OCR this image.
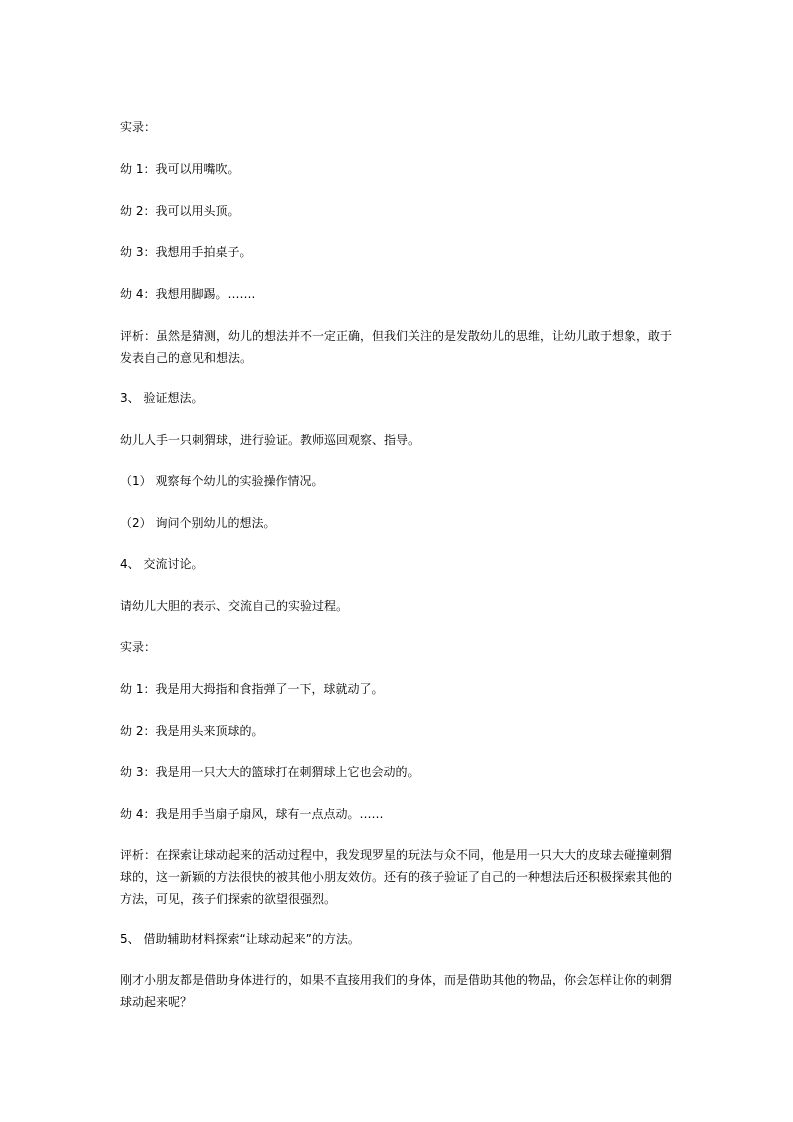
实录：

幼 1：我可以用嘴吹。

幼 2：我可以用头顶。

幼 3：我想用手拍桌子。

幼 4：我想用脚踢。…….

评析：虽然是猜测，幼儿的想法并不一定正确，但我们关注的是发散幼儿的思维，让幼儿敢于想象，敢于发表自己的意见和想法。

3、 验证想法。

幼儿人手一只刺猬球，进行验证。教师巡回观察、指导。

（1） 观察每个幼儿的实验操作情况。

（2） 询问个别幼儿的想法。

4、 交流讨论。

请幼儿大胆的表示、交流自己的实验过程。

实录：

幼 1：我是用大拇指和食指弹了一下，球就动了。

幼 2：我是用头来顶球的。

幼 3：我是用一只大大的篮球打在刺猬球上它也会动的。

幼 4：我是用手当扇子扇风，球有一点点动。……

评析：在探索让球动起来的活动过程中，我发现罗星的玩法与众不同，他是用一只大大的皮球去碰撞刺猬球的，这一新颖的方法很快的被其他小朋友效仿。还有的孩子验证了自己的一种想法后还积极探索其他的方法，可见，孩子们探索的欲望很强烈。

5、 借助辅助材料探索“让球动起来”的方法。

刚才小朋友都是借助身体进行的，如果不直接用我们的身体，而是借助其他的物品，你会怎样让你的刺猬球动起来呢？
